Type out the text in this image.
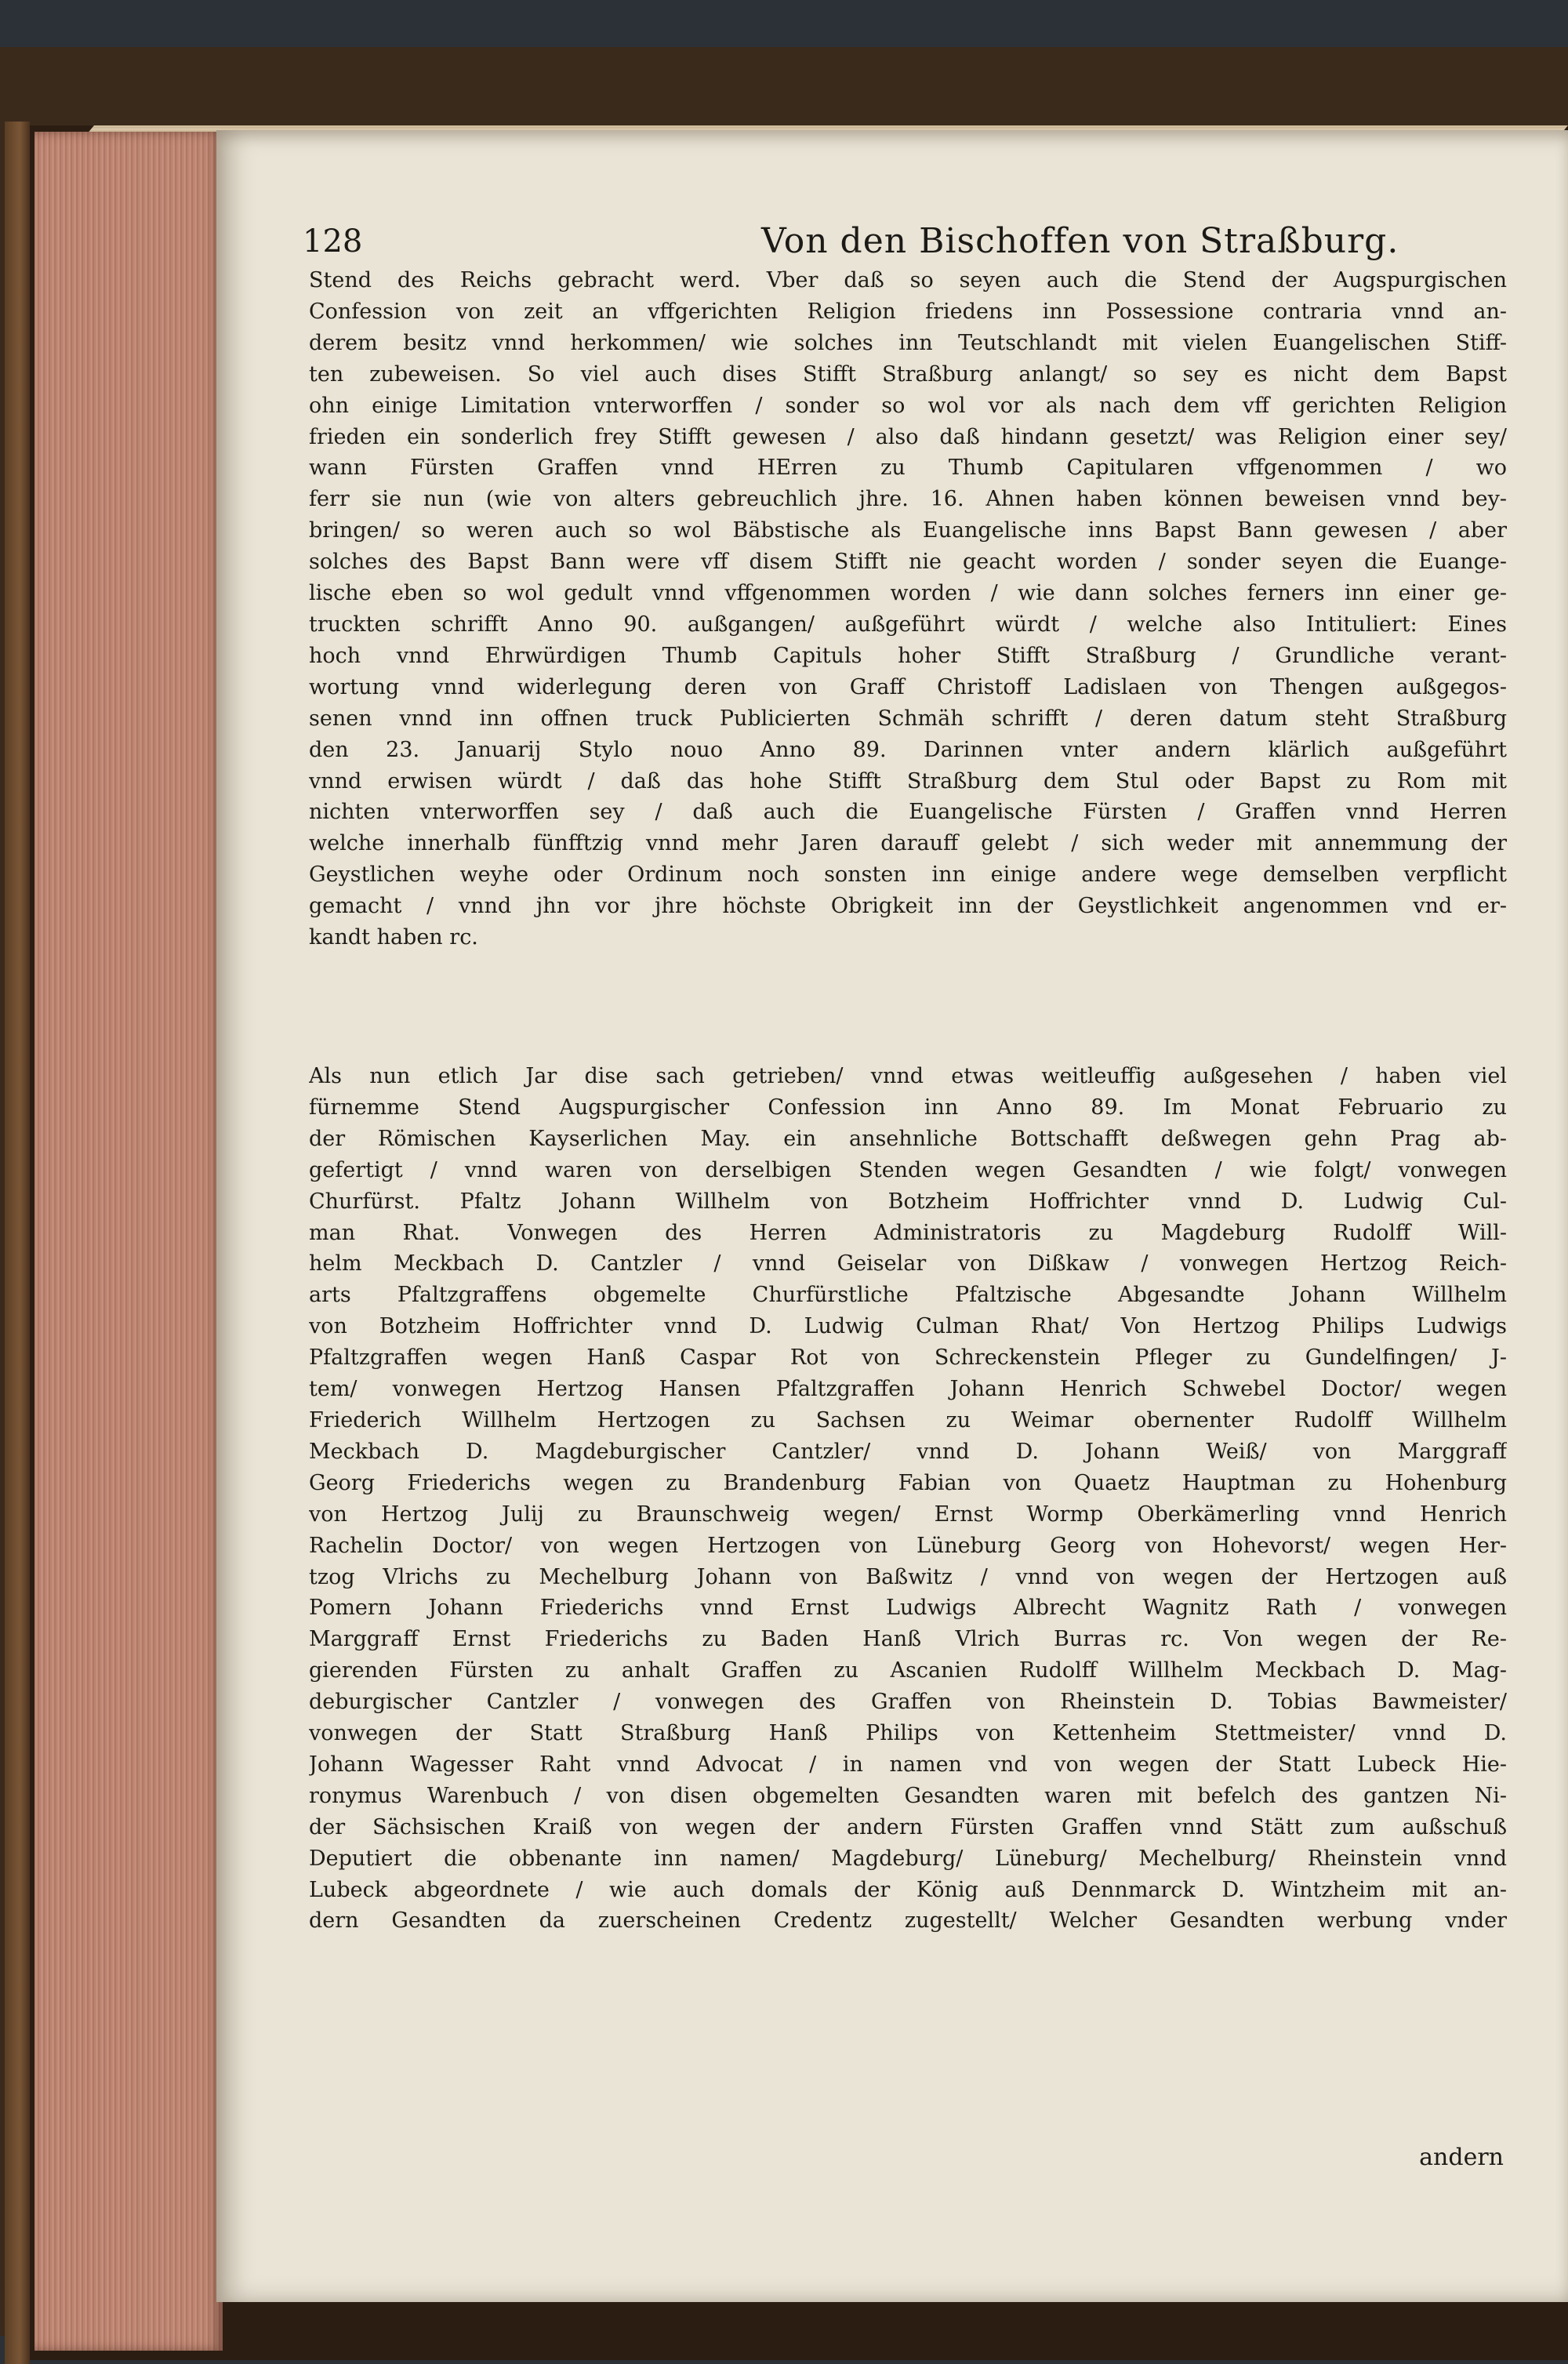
128	Von den Bischoffen von Straßburg.
Stend des Reichs gebracht werd. Vber daß so seyen auch die Stend der Augspurgischen
Confession von zeit an vffgerichten Religion friedens inn Possessione contraria vnnd an-
derem besitz vnnd herkommen/ wie solches inn Teutschlandt mit vielen Euangelischen Stiff-
ten zubeweisen. So viel auch dises Stifft Straßburg anlangt/ so sey es nicht dem Bapst
ohn einige Limitation vnterworffen / sonder so wol vor als nach dem vff gerichten Religion
frieden ein sonderlich frey Stifft gewesen / also daß hindann gesetzt/ was Religion einer sey/
wann Fürsten Graffen vnnd HErren zu Thumb Capitularen vffgenommen / wo
ferr sie nun (wie von alters gebreuchlich jhre. 16. Ahnen haben können beweisen vnnd bey-
bringen/ so weren auch so wol Bäbstische als Euangelische inns Bapst Bann gewesen / aber
solches des Bapst Bann were vff disem Stifft nie geacht worden / sonder seyen die Euange-
lische eben so wol gedult vnnd vffgenommen worden / wie dann solches ferners inn einer ge-
truckten schrifft Anno 90. außgangen/ außgeführt würdt / welche also Intituliert: Eines
hoch vnnd Ehrwürdigen Thumb Capituls hoher Stifft Straßburg / Grundliche verant-
wortung vnnd widerlegung deren von Graff Christoff Ladislaen von Thengen außgegos-
senen vnnd inn offnen truck Publicierten Schmäh schrifft / deren datum steht Straßburg
den 23. Januarij Stylo nouo Anno 89. Darinnen vnter andern klärlich außgeführt
vnnd erwisen würdt / daß das hohe Stifft Straßburg dem Stul oder Bapst zu Rom mit
nichten vnterworffen sey / daß auch die Euangelische Fürsten / Graffen vnnd Herren
welche innerhalb fünfftzig vnnd mehr Jaren darauff gelebt / sich weder mit annemmung der
Geystlichen weyhe oder Ordinum noch sonsten inn einige andere wege demselben verpflicht
gemacht / vnnd jhn vor jhre höchste Obrigkeit inn der Geystlichkeit angenommen vnd er-
kandt haben rc.
Als nun etlich Jar dise sach getrieben/ vnnd etwas weitleuffig außgesehen / haben viel
fürnemme Stend Augspurgischer Confession inn Anno 89. Im Monat Februario zu
der Römischen Kayserlichen May. ein ansehnliche Bottschafft deßwegen gehn Prag ab-
gefertigt / vnnd waren von derselbigen Stenden wegen Gesandten / wie folgt/ vonwegen
Churfürst. Pfaltz Johann Willhelm von Botzheim Hoffrichter vnnd D. Ludwig Cul-
man Rhat. Vonwegen des Herren Administratoris zu Magdeburg Rudolff Will-
helm Meckbach D. Cantzler / vnnd Geiselar von Dißkaw / vonwegen Hertzog Reich-
arts Pfaltzgraffens obgemelte Churfürstliche Pfaltzische Abgesandte Johann Willhelm
von Botzheim Hoffrichter vnnd D. Ludwig Culman Rhat/ Von Hertzog Philips Ludwigs
Pfaltzgraffen wegen Hanß Caspar Rot von Schreckenstein Pfleger zu Gundelfingen/ J-
tem/ vonwegen Hertzog Hansen Pfaltzgraffen Johann Henrich Schwebel Doctor/ wegen
Friederich Willhelm Hertzogen zu Sachsen zu Weimar obernenter Rudolff Willhelm
Meckbach D. Magdeburgischer Cantzler/ vnnd D. Johann Weiß/ von Marggraff
Georg Friederichs wegen zu Brandenburg Fabian von Quaetz Hauptman zu Hohenburg
von Hertzog Julij zu Braunschweig wegen/ Ernst Wormp Oberkämerling vnnd Henrich
Rachelin Doctor/ von wegen Hertzogen von Lüneburg Georg von Hohevorst/ wegen Her-
tzog Vlrichs zu Mechelburg Johann von Baßwitz / vnnd von wegen der Hertzogen auß
Pomern Johann Friederichs vnnd Ernst Ludwigs Albrecht Wagnitz Rath / vonwegen
Marggraff Ernst Friederichs zu Baden Hanß Vlrich Burras rc. Von wegen der Re-
gierenden Fürsten zu anhalt Graffen zu Ascanien Rudolff Willhelm Meckbach D. Mag-
deburgischer Cantzler / vonwegen des Graffen von Rheinstein D. Tobias Bawmeister/
vonwegen der Statt Straßburg Hanß Philips von Kettenheim Stettmeister/ vnnd D.
Johann Wagesser Raht vnnd Advocat / in namen vnd von wegen der Statt Lubeck Hie-
ronymus Warenbuch / von disen obgemelten Gesandten waren mit befelch des gantzen Ni-
der Sächsischen Kraiß von wegen der andern Fürsten Graffen vnnd Stätt zum außschuß
Deputiert die obbenante inn namen/ Magdeburg/ Lüneburg/ Mechelburg/ Rheinstein vnnd
Lubeck abgeordnete / wie auch domals der König auß Dennmarck D. Wintzheim mit an-
dern Gesandten da zuerscheinen Credentz zugestellt/ Welcher Gesandten werbung vnder
andern
